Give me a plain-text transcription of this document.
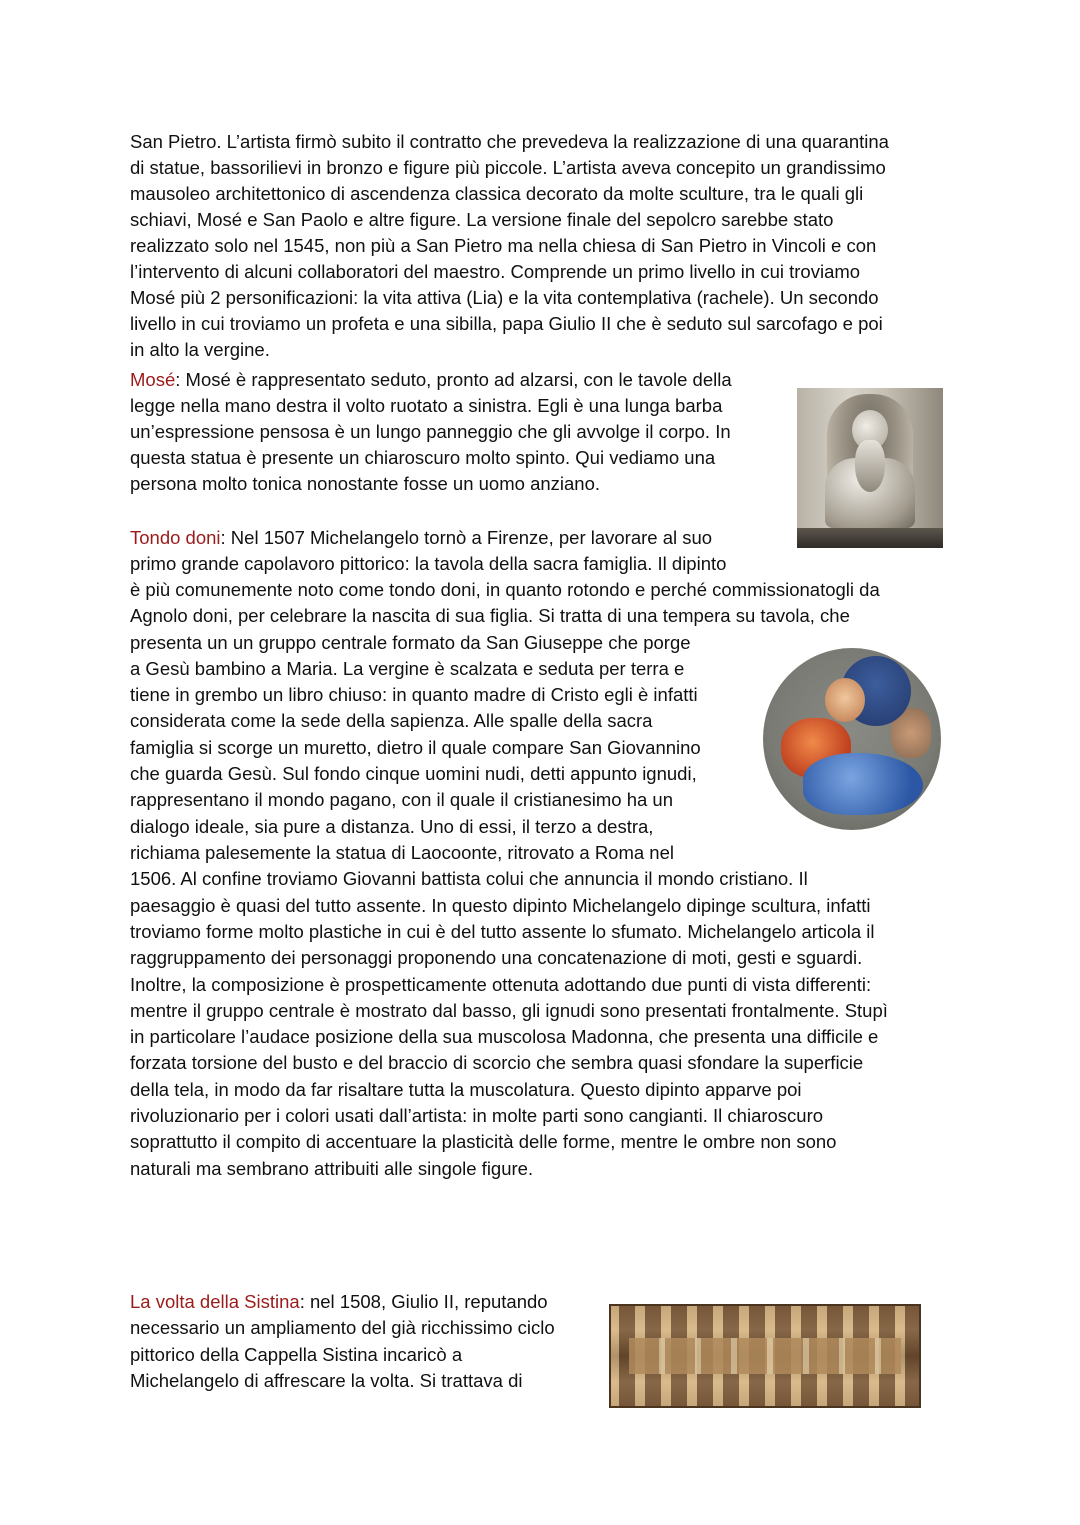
San Pietro. L’artista firmò subito il contratto che prevedeva la realizzazione di una quarantina
di statue, bassorilievi in bronzo e figure più piccole. L’artista aveva concepito un grandissimo
mausoleo architettonico di ascendenza classica decorato da molte sculture, tra le quali gli
schiavi, Mosé e San Paolo e altre figure. La versione finale del sepolcro sarebbe stato
realizzato solo nel 1545, non più a San Pietro ma nella chiesa di San Pietro in Vincoli e con
l’intervento di alcuni collaboratori del maestro. Comprende un primo livello in cui troviamo
Mosé più 2 personificazioni: la vita attiva (Lia) e la vita contemplativa (rachele). Un secondo
livello in cui troviamo un profeta e una sibilla, papa Giulio II che è seduto sul sarcofago e poi
in alto la vergine.
Mosé: Mosé è rappresentato seduto, pronto ad alzarsi, con le tavole della
legge nella mano destra il volto ruotato a sinistra. Egli è una lunga barba
un’espressione pensosa è un lungo panneggio che gli avvolge il corpo. In
questa statua è presente un chiaroscuro molto spinto. Qui vediamo una
persona molto tonica nonostante fosse un uomo anziano.
Tondo doni: Nel 1507 Michelangelo tornò a Firenze, per lavorare al suo
primo grande capolavoro pittorico: la tavola della sacra famiglia. Il dipinto
è più comunemente noto come tondo doni, in quanto rotondo e perché commissionatogli da
Agnolo doni, per celebrare la nascita di sua figlia. Si tratta di una tempera su tavola, che
presenta un un gruppo centrale formato da San Giuseppe che porge
a Gesù bambino a Maria. La vergine è scalzata e seduta per terra e
tiene in grembo un libro chiuso: in quanto madre di Cristo egli è infatti
considerata come la sede della sapienza. Alle spalle della sacra
famiglia si scorge un muretto, dietro il quale compare San Giovannino
che guarda Gesù. Sul fondo cinque uomini nudi, detti appunto ignudi,
rappresentano il mondo pagano, con il quale il cristianesimo ha un
dialogo ideale, sia pure a distanza. Uno di essi, il terzo a destra,
richiama palesemente la statua di Laocoonte, ritrovato a Roma nel
1506. Al confine troviamo Giovanni battista colui che annuncia il mondo cristiano. Il
paesaggio è quasi del tutto assente. In questo dipinto Michelangelo dipinge scultura, infatti
troviamo forme molto plastiche in cui è del tutto assente lo sfumato. Michelangelo articola il
raggruppamento dei personaggi proponendo una concatenazione di moti, gesti e sguardi.
Inoltre, la composizione è prospetticamente ottenuta adottando due punti di vista differenti:
mentre il gruppo centrale è mostrato dal basso, gli ignudi sono presentati frontalmente. Stupì
in particolare l’audace posizione della sua muscolosa Madonna, che presenta una difficile e
forzata torsione del busto e del braccio di scorcio che sembra quasi sfondare la superficie
della tela, in modo da far risaltare tutta la muscolatura. Questo dipinto apparve poi
rivoluzionario per i colori usati dall’artista: in molte parti sono cangianti. Il chiaroscuro
soprattutto il compito di accentuare la plasticità delle forme, mentre le ombre non sono
naturali ma sembrano attribuiti alle singole figure.
La volta della Sistina: nel 1508, Giulio II, reputando
necessario un ampliamento del già ricchissimo ciclo
pittorico della Cappella Sistina incaricò a
Michelangelo di affrescare la volta. Si trattava di
